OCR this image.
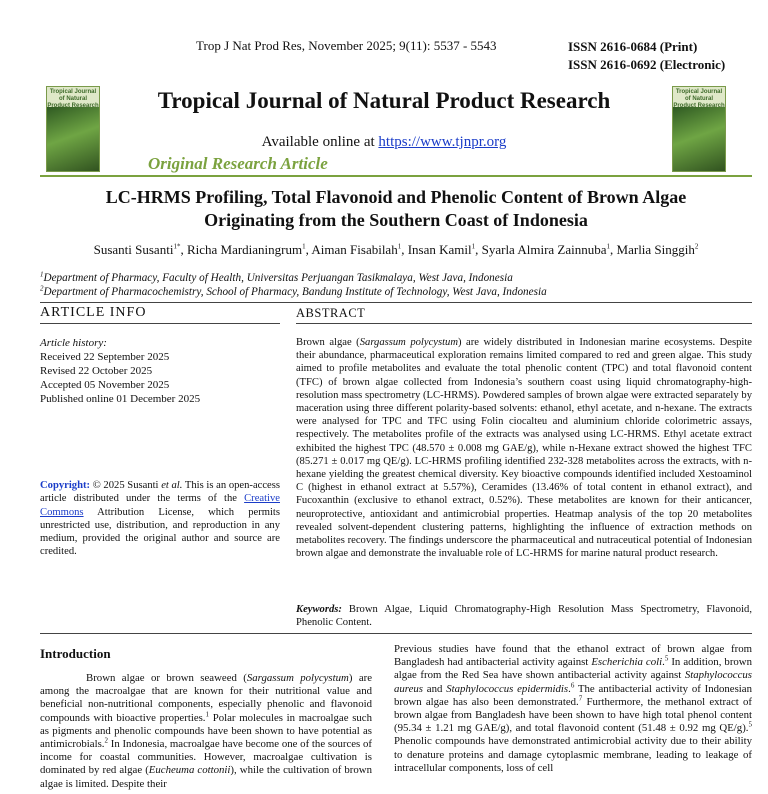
Trop J Nat Prod Res, November 2025; 9(11): 5537 - 5543	ISSN 2616-0684 (Print)
ISSN 2616-0692 (Electronic)
Tropical Journal of Natural Product Research
Tropical Journal of Natural Product Research
Tropical Journal of Natural Product Research
Available online at https://www.tjnpr.org
Original Research Article
LC-HRMS Profiling, Total Flavonoid and Phenolic Content of Brown Algae
Originating from the Southern Coast of Indonesia
Susanti Susanti$^{1*}$, Richa Mardianingrum$^1$, Aiman Fisabilah$^1$, Insan Kamil$^1$, Syarla Almira Zainnuba$^1$, Marlia Singgih$^2$
$^1$Department of Pharmacy, Faculty of Health, Universitas Perjuangan Tasikmalaya, West Java, Indonesia
$^2$Department of Pharmacochemistry, School of Pharmacy, Bandung Institute of Technology, West Java, Indonesia
ARTICLE INFO	ABSTRACT
Article history:
Received 22 September 2025
Revised 22 October 2025
Accepted 05 November 2025
Published online 01 December 2025
Copyright: © 2025 Susanti et al. This is an open-access article distributed under the terms of the Creative Commons Attribution License, which permits unrestricted use, distribution, and reproduction in any medium, provided the original author and source are credited.
Brown algae (Sargassum polycystum) are widely distributed in Indonesian marine ecosystems. Despite their abundance, pharmaceutical exploration remains limited compared to red and green algae. This study aimed to profile metabolites and evaluate the total phenolic content (TPC) and total flavonoid content (TFC) of brown algae collected from Indonesia’s southern coast using liquid chromatography-high-resolution mass spectrometry (LC-HRMS). Powdered samples of brown algae were extracted separately by maceration using three different polarity-based solvents: ethanol, ethyl acetate, and n-hexane. The extracts were analysed for TPC and TFC using Folin ciocalteu and aluminium chloride colorimetric assays, respectively. The metabolites profile of the extracts was analysed using LC-HRMS. Ethyl acetate extract exhibited the highest TPC (48.570 ± 0.008 mg GAE/g), while n-Hexane extract showed the highest TFC (85.271 ± 0.017 mg QE/g). LC-HRMS profiling identified 232-328 metabolites across the extracts, with n-hexane yielding the greatest chemical diversity. Key bioactive compounds identified included Xestoaminol C (highest in ethanol extract at 5.57%), Ceramides (13.46% of total content in ethanol extract), and Fucoxanthin (exclusive to ethanol extract, 0.52%). These metabolites are known for their anticancer, neuroprotective, antioxidant and antimicrobial properties. Heatmap analysis of the top 20 metabolites revealed solvent-dependent clustering patterns, highlighting the influence of extraction methods on metabolites recovery. The findings underscore the pharmaceutical and nutraceutical potential of Indonesian brown algae and demonstrate the invaluable role of LC-HRMS for marine natural product research.
Keywords: Brown Algae, Liquid Chromatography-High Resolution Mass Spectrometry, Flavonoid, Phenolic Content.
Introduction
Brown algae or brown seaweed (Sargassum polycystum) are among the macroalgae that are known for their nutritional value and beneficial non-nutritional components, especially phenolic and flavonoid compounds with bioactive properties.$^1$ Polar molecules in macroalgae such as pigments and phenolic compounds have been shown to have potential as antimicrobials.$^2$ In Indonesia, macroalgae have become one of the sources of income for coastal communities. However, macroalgae cultivation is dominated by red algae (Eucheuma cottonii), while the cultivation of brown algae is limited. Despite their
Previous studies have found that the ethanol extract of brown algae from Bangladesh had antibacterial activity against Escherichia coli.$^5$ In addition, brown algae from the Red Sea have shown antibacterial activity against Staphylococcus aureus and Staphylococcus epidermidis.$^6$ The antibacterial activity of Indonesian brown algae has also been demonstrated.$^7$ Furthermore, the methanol extract of brown algae from Bangladesh have been shown to have high total phenol content (95.34 ± 1.21 mg GAE/g), and total flavonoid content (51.48 ± 0.92 mg QE/g).$^5$ Phenolic compounds have demonstrated antimicrobial activity due to their ability to denature proteins and damage cytoplasmic membrane, leading to leakage of intracellular components, loss of cell
